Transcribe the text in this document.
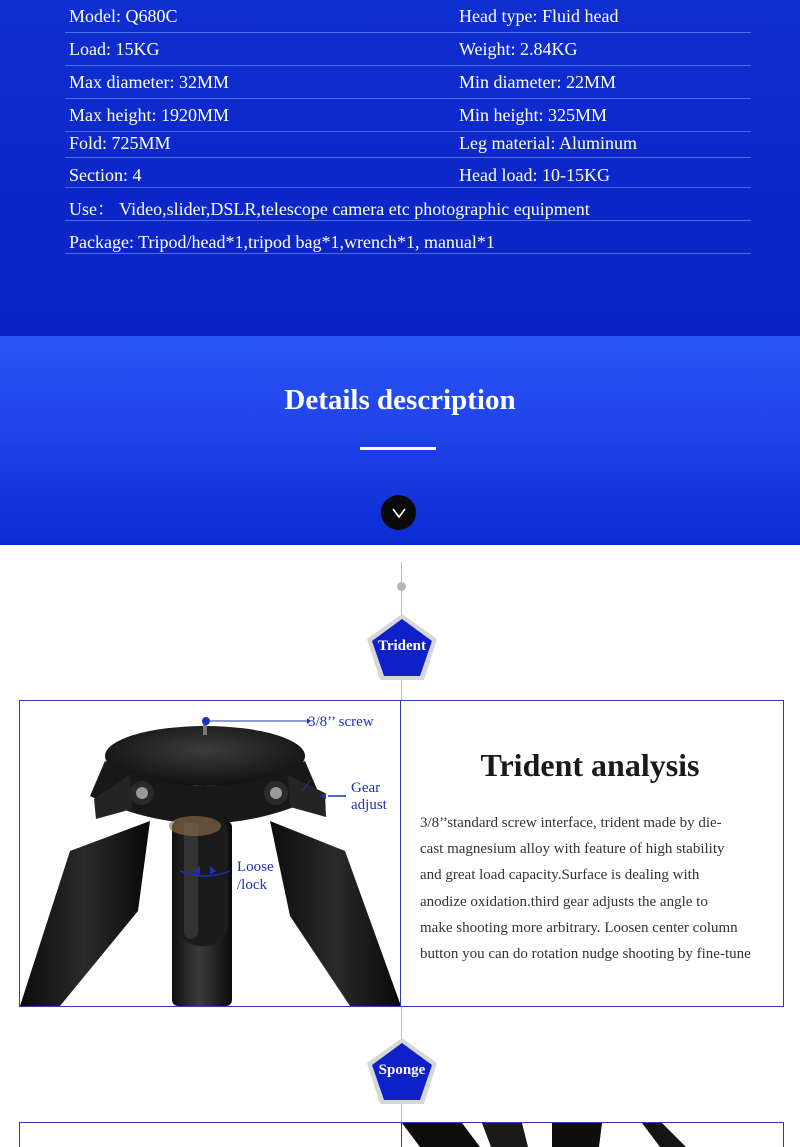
Model: Q680C	Head type: Fluid head
Load: 15KG	Weight: 2.84KG
Max diameter: 32MM	Min diameter: 22MM
Max height: 1920MM	Min height: 325MM
Fold: 725MM	Leg material: Aluminum
Section: 4	Head load: 10-15KG
Use： Video,slider,DSLR,telescope camera etc photographic equipment
Package: Tripod/head*1,tripod bag*1,wrench*1, manual*1
Details description
Trident
3/8’’ screw
Gear
adjust
Loose
/lock
Trident analysis
3/8’’standard screw interface, trident made by die-
cast magnesium alloy with feature of high stability
and great load capacity.Surface is dealing with
anodize oxidation.third gear adjusts the angle to
make shooting more arbitrary. Loosen center column
button you can do rotation nudge shooting by fine-tune
Sponge
